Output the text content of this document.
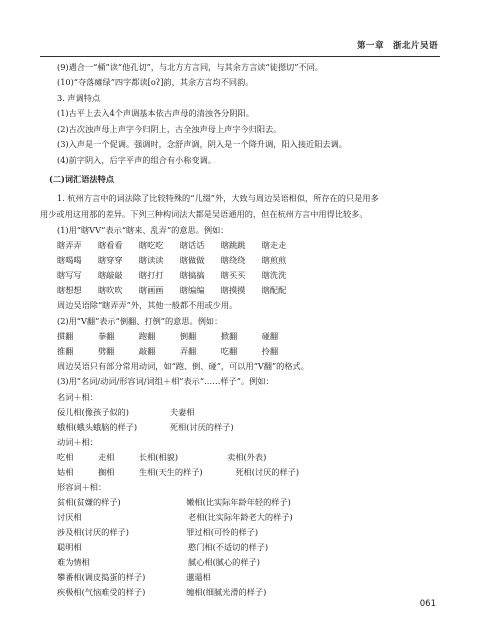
第一章　浙北片吴语
(9)遇合一“桶”读“他孔切”，与北方方言同，与其余方言读“徒摁切”不同。
(10)“夺落瘫绿”四字都读[oʔ]韵，其余方言均不同韵。
3. 声调特点
(1)古平上去入4个声调基本依古声母的清浊各分阴阳。
(2)古次浊声母上声字今归阴上，古全浊声母上声字今归阳去。
(3)入声是一个促调。强调时，念舒声调，阴入是一个降升调，阳入接近阳去调。
(4)前字阴入，后字平声的组合有小称变调。
(二)词汇语法特点
1. 杭州方言中的词法除了比较特殊的“儿缀”外，大致与周边吴语相似，所存在的只是用多
用少或用这用那的差异。下列三种构词法大都是吴语通用的，但在杭州方言中用得比较多。
(1)用“瞎VV”表示“瞎来、乱弄”的意思。例如：
瞎弄弄　　瞎看看　　瞎吃吃　　瞎话话　　瞎跳跳　　瞎走走
瞎喝喝　　瞎穿穿　　瞎读读　　瞎做做　　瞎绕绕　　瞎煎煎
瞎写写　　瞎敲敲　　瞎打打　　瞎搞搞　　瞎买买　　瞎洗洗
瞎想想　　瞎吹吹　　瞎画画　　瞎编编　　瞎摸摸　　瞎配配
周边吴语除“瞎弄弄”外，其他一般都不用或少用。
(2)用“V翻”表示“倒翻、打倒”的意思。例如：
掼翻　　　拳翻　　　跑翻　　　倒翻　　　掀翻　　　碰翻
推翻　　　劈翻　　　敲翻　　　弄翻　　　吃翻　　　拎翻
周边吴语只有部分常用动词，如“跑、倒、碰”，可以用“V翻”的格式。
(3)用“名词/动词/形容词/词组＋相”表示“……样子”。例如：
名词＋相：
佞儿相(像孩子似的)　　　　　夫妻相
蛾相(蛾头蛾脑的样子)　　　　死相(讨厌的样子)
动词＋相：
吃相　　　走相　　　长相(相貌)　　　　　　卖相(外表)
姑相　　　搁相　　　生相(天生的样子)　　　　死相(讨厌的样子)
形容词＋相：
贫相(贫嫌的样子)　　　　　　　　嫩相(比实际年龄年轻的样子)
讨厌相　　　　　　　　　　　　　老相(比实际年龄老大的样子)
涉及相(讨厌的样子)　　　　　　　罪过相(可怜的样子)
聪明相　　　　　　　　　　　　　憨门相(不适切的样子)
难为情相　　　　　　　　　　　　腻心相(腻心的样子)
攀番相(调皮捣蛋的样子)　　　　　邋遢相
疾极相(气恼难受的样子)　　　　　缠相(细腻光滑的样子)
061
